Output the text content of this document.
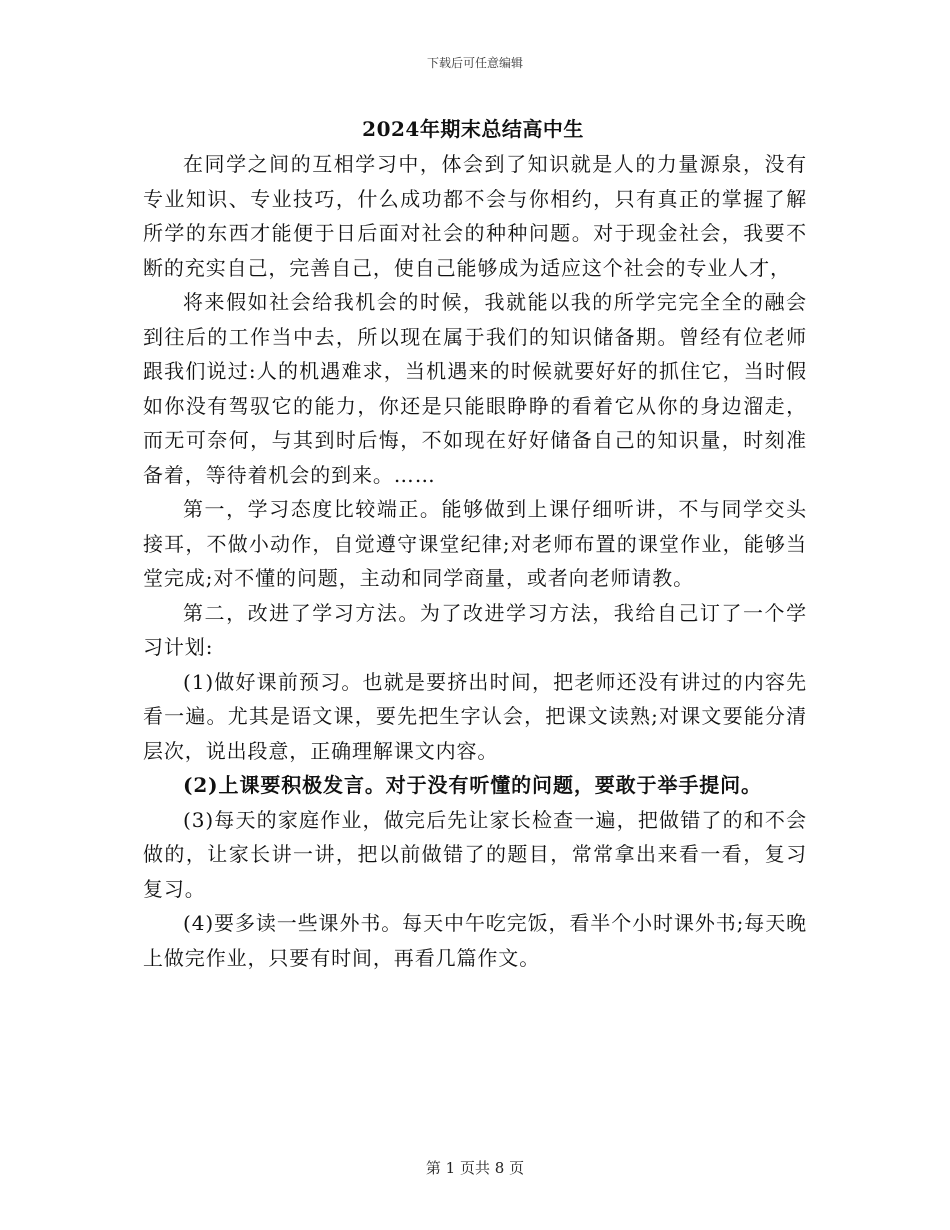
下载后可任意编辑
2024年期末总结高中生

在同学之间的互相学习中，体会到了知识就是人的力量源泉，没有专业知识、专业技巧，什么成功都不会与你相约，只有真正的掌握了解所学的东西才能便于日后面对社会的种种问题。对于现金社会，我要不断的充实自己，完善自己，使自己能够成为适应这个社会的专业人才，

将来假如社会给我机会的时候，我就能以我的所学完完全全的融会到往后的工作当中去，所以现在属于我们的知识储备期。曾经有位老师跟我们说过:人的机遇难求，当机遇来的时候就要好好的抓住它，当时假如你没有驾驭它的能力，你还是只能眼睁睁的看着它从你的身边溜走，而无可奈何，与其到时后悔，不如现在好好储备自己的知识量，时刻准备着，等待着机会的到来。……

第一，学习态度比较端正。能够做到上课仔细听讲，不与同学交头接耳，不做小动作，自觉遵守课堂纪律;对老师布置的课堂作业，能够当堂完成;对不懂的问题，主动和同学商量，或者向老师请教。

第二，改进了学习方法。为了改进学习方法，我给自己订了一个学习计划:

(1)做好课前预习。也就是要挤出时间，把老师还没有讲过的内容先看一遍。尤其是语文课，要先把生字认会，把课文读熟;对课文要能分清层次，说出段意，正确理解课文内容。

(2)上课要积极发言。对于没有听懂的问题，要敢于举手提问。

(3)每天的家庭作业，做完后先让家长检查一遍，把做错了的和不会做的，让家长讲一讲，把以前做错了的题目，常常拿出来看一看，复习复习。

(4)要多读一些课外书。每天中午吃完饭，看半个小时课外书;每天晚上做完作业，只要有时间，再看几篇作文。

第 1 页共 8 页
